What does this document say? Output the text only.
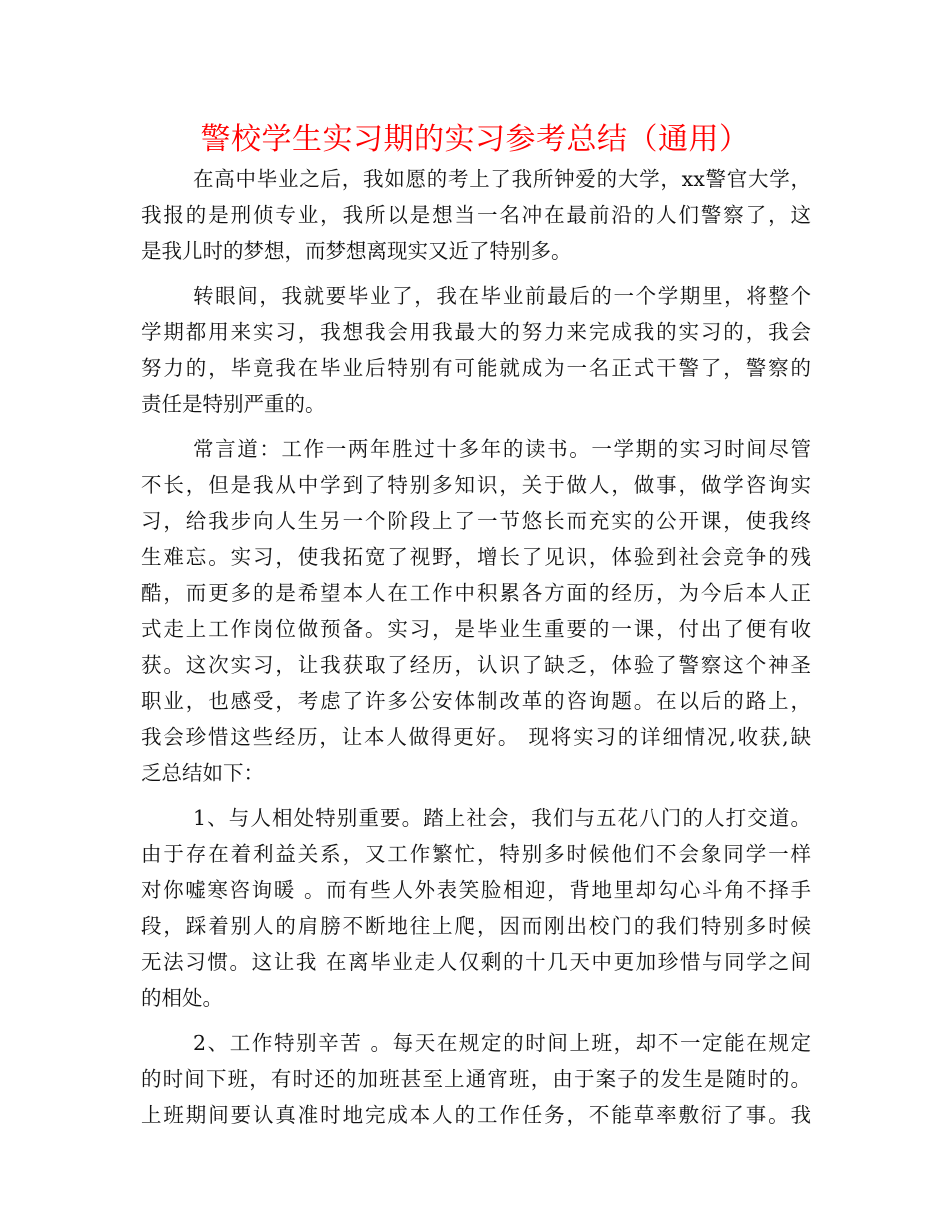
警校学生实习期的实习参考总结（通用）

在高中毕业之后，我如愿的考上了我所钟爱的大学，xx警官大学，
我报的是刑侦专业，我所以是想当一名冲在最前沿的人们警察了，这
是我儿时的梦想，而梦想离现实又近了特别多。

转眼间，我就要毕业了，我在毕业前最后的一个学期里，将整个
学期都用来实习，我想我会用我最大的努力来完成我的实习的，我会
努力的，毕竟我在毕业后特别有可能就成为一名正式干警了，警察的
责任是特别严重的。

常言道：工作一两年胜过十多年的读书。一学期的实习时间尽管
不长，但是我从中学到了特别多知识，关于做人，做事，做学咨询实
习，给我步向人生另一个阶段上了一节悠长而充实的公开课，使我终
生难忘。实习，使我拓宽了视野，增长了见识，体验到社会竞争的残
酷，而更多的是希望本人在工作中积累各方面的经历，为今后本人正
式走上工作岗位做预备。实习，是毕业生重要的一课，付出了便有收
获。这次实习，让我获取了经历，认识了缺乏，体验了警察这个神圣
职业，也感受，考虑了许多公安体制改革的咨询题。在以后的路上，
我会珍惜这些经历，让本人做得更好。 现将实习的详细情况,收获,缺
乏总结如下：

1、与人相处特别重要。踏上社会，我们与五花八门的人打交道。
由于存在着利益关系，又工作繁忙，特别多时候他们不会象同学一样
对你嘘寒咨询暖 。而有些人外表笑脸相迎，背地里却勾心斗角不择手
段，踩着别人的肩膀不断地往上爬，因而刚出校门的我们特别多时候
无法习惯。这让我 在离毕业走人仅剩的十几天中更加珍惜与同学之间
的相处。

2、工作特别辛苦 。每天在规定的时间上班，却不一定能在规定
的时间下班，有时还的加班甚至上通宵班，由于案子的发生是随时的。
上班期间要认真准时地完成本人的工作任务，不能草率敷衍了事。我
